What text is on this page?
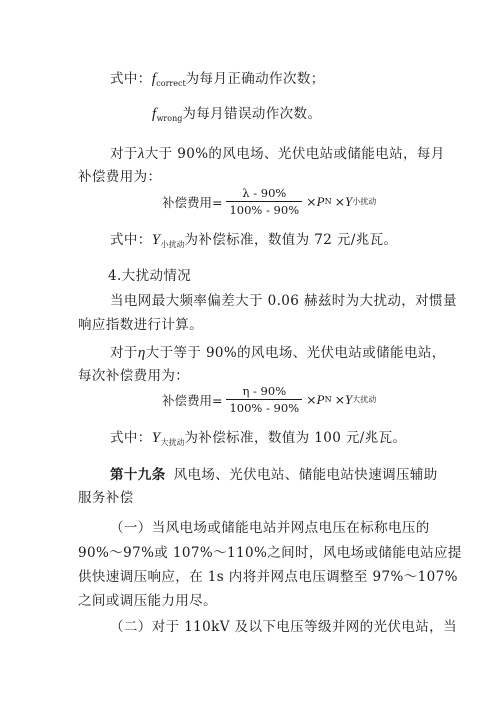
式中：$f_{correct}$为每月正确动作次数；
$f_{wrong}$为每月错误动作次数。
对于λ大于 90%的风电场、光伏电站或储能电站，每月
补偿费用为：
补偿费用= $\frac{\lambda - 90\%}{100\% - 90\%} \times P$ N × Y 小扰动
式中：$Y_{小扰动}$为补偿标准，数值为 72 元/兆瓦。
4.大扰动情况
当电网最大频率偏差大于 0.06 赫兹时为大扰动，对惯量
响应指数进行计算。
对于η大于等于 90%的风电场、光伏电站或储能电站，
每次补偿费用为：
补偿费用= $\frac{\eta - 90\%}{100\% - 90\%} \times P$ N × Y 大扰动
式中：$Y_{大扰动}$为补偿标准，数值为 100 元/兆瓦。
第十九条 风电场、光伏电站、储能电站快速调压辅助
服务补偿
（一）当风电场或储能电站并网点电压在标称电压的
90%～97%或 107%～110%之间时，风电场或储能电站应提
供快速调压响应，在 1s 内将并网点电压调整至 97%～107%
之间或调压能力用尽。
（二）对于 110kV 及以下电压等级并网的光伏电站，当
